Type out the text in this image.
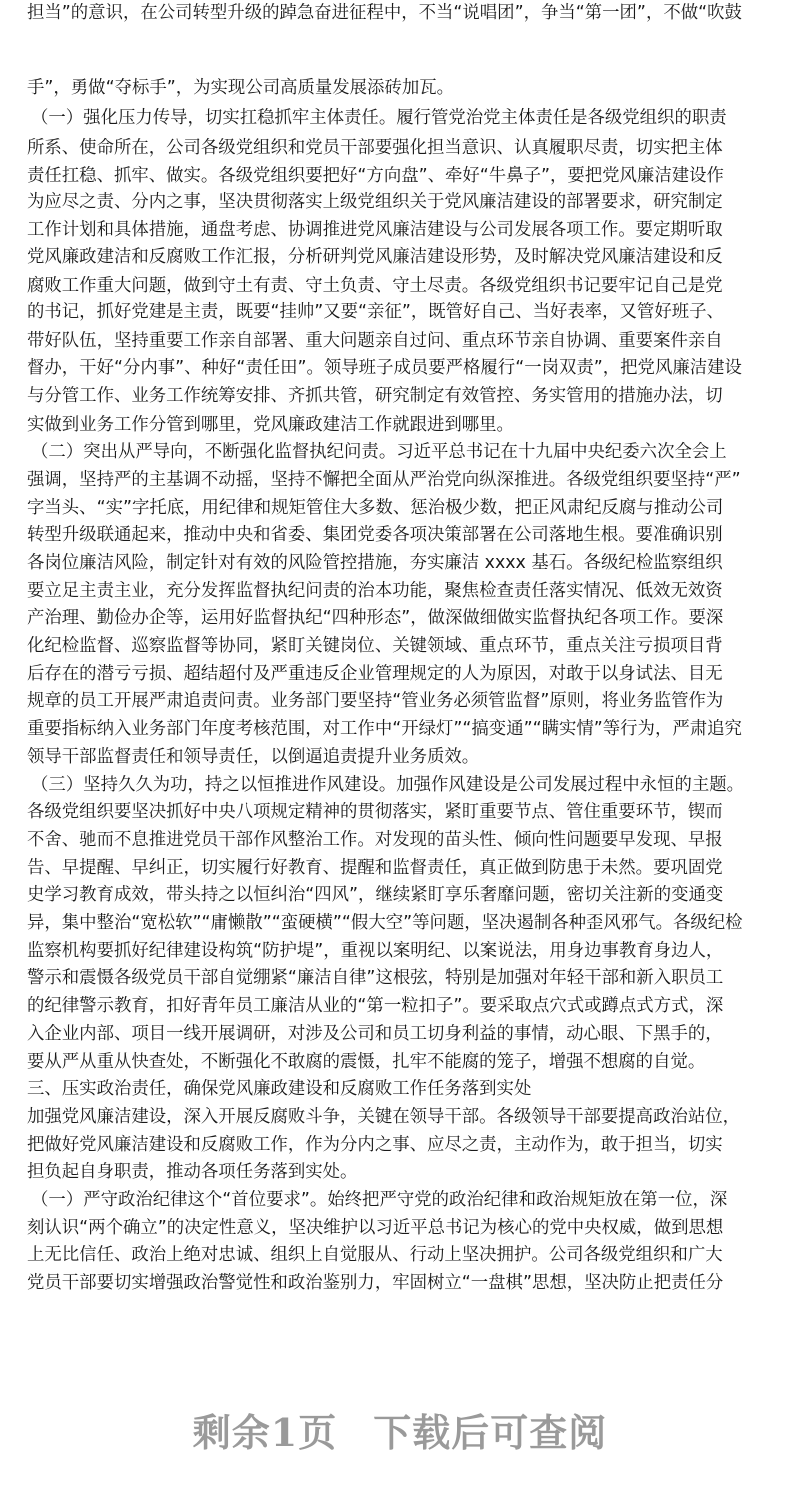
担当”的意识，在公司转型升级的踔急奋进征程中，不当“说唱团”，争当“第一团”，不做“吹鼓
手”，勇做“夺标手”，为实现公司高质量发展添砖加瓦。
（一）强化压力传导，切实扛稳抓牢主体责任。履行管党治党主体责任是各级党组织的职责
所系、使命所在，公司各级党组织和党员干部要强化担当意识、认真履职尽责，切实把主体
责任扛稳、抓牢、做实。各级党组织要把好“方向盘”、牵好“牛鼻子”，要把党风廉洁建设作
为应尽之责、分内之事，坚决贯彻落实上级党组织关于党风廉洁建设的部署要求，研究制定
工作计划和具体措施，通盘考虑、协调推进党风廉洁建设与公司发展各项工作。要定期听取
党风廉政建洁和反腐败工作汇报，分析研判党风廉洁建设形势，及时解决党风廉洁建设和反
腐败工作重大问题，做到守土有责、守土负责、守土尽责。各级党组织书记要牢记自己是党
的书记，抓好党建是主责，既要“挂帅”又要“亲征”，既管好自己、当好表率，又管好班子、
带好队伍，坚持重要工作亲自部署、重大问题亲自过问、重点环节亲自协调、重要案件亲自
督办，干好“分内事”、种好“责任田”。领导班子成员要严格履行“一岗双责”，把党风廉洁建设
与分管工作、业务工作统筹安排、齐抓共管，研究制定有效管控、务实管用的措施办法，切
实做到业务工作分管到哪里，党风廉政建洁工作就跟进到哪里。
（二）突出从严导向，不断强化监督执纪问责。习近平总书记在十九届中央纪委六次全会上
强调，坚持严的主基调不动摇，坚持不懈把全面从严治党向纵深推进。各级党组织要坚持“严”
字当头、“实”字托底，用纪律和规矩管住大多数、惩治极少数，把正风肃纪反腐与推动公司
转型升级联通起来，推动中央和省委、集团党委各项决策部署在公司落地生根。要准确识别
各岗位廉洁风险，制定针对有效的风险管控措施，夯实廉洁 xxxx 基石。各级纪检监察组织
要立足主责主业，充分发挥监督执纪问责的治本功能，聚焦检查责任落实情况、低效无效资
产治理、勤俭办企等，运用好监督执纪“四种形态”，做深做细做实监督执纪各项工作。要深
化纪检监督、巡察监督等协同，紧盯关键岗位、关键领域、重点环节，重点关注亏损项目背
后存在的潜亏亏损、超结超付及严重违反企业管理规定的人为原因，对敢于以身试法、目无
规章的员工开展严肃追责问责。业务部门要坚持“管业务必须管监督”原则，将业务监管作为
重要指标纳入业务部门年度考核范围，对工作中“开绿灯”“搞变通”“瞒实情”等行为，严肃追究
领导干部监督责任和领导责任，以倒逼追责提升业务质效。
（三）坚持久久为功，持之以恒推进作风建设。加强作风建设是公司发展过程中永恒的主题。
各级党组织要坚决抓好中央八项规定精神的贯彻落实，紧盯重要节点、管住重要环节，锲而
不舍、驰而不息推进党员干部作风整治工作。对发现的苗头性、倾向性问题要早发现、早报
告、早提醒、早纠正，切实履行好教育、提醒和监督责任，真正做到防患于未然。要巩固党
史学习教育成效，带头持之以恒纠治“四风”，继续紧盯享乐奢靡问题，密切关注新的变通变
异，集中整治“宽松软”“庸懒散”“蛮硬横”“假大空”等问题，坚决遏制各种歪风邪气。各级纪检
监察机构要抓好纪律建设构筑“防护堤”，重视以案明纪、以案说法，用身边事教育身边人，
警示和震慑各级党员干部自觉绷紧“廉洁自律”这根弦，特别是加强对年轻干部和新入职员工
的纪律警示教育，扣好青年员工廉洁从业的“第一粒扣子”。要采取点穴式或蹲点式方式，深
入企业内部、项目一线开展调研，对涉及公司和员工切身利益的事情，动心眼、下黑手的，
要从严从重从快查处，不断强化不敢腐的震慑，扎牢不能腐的笼子，增强不想腐的自觉。
三、压实政治责任，确保党风廉政建设和反腐败工作任务落到实处
加强党风廉洁建设，深入开展反腐败斗争，关键在领导干部。各级领导干部要提高政治站位，
把做好党风廉洁建设和反腐败工作，作为分内之事、应尽之责，主动作为，敢于担当，切实
担负起自身职责，推动各项任务落到实处。
（一）严守政治纪律这个“首位要求”。始终把严守党的政治纪律和政治规矩放在第一位，深
刻认识“两个确立”的决定性意义，坚决维护以习近平总书记为核心的党中央权威，做到思想
上无比信任、政治上绝对忠诚、组织上自觉服从、行动上坚决拥护。公司各级党组织和广大
党员干部要切实增强政治警觉性和政治鉴别力，牢固树立“一盘棋”思想，坚决防止把责任分
剩余1页 下载后可查阅
